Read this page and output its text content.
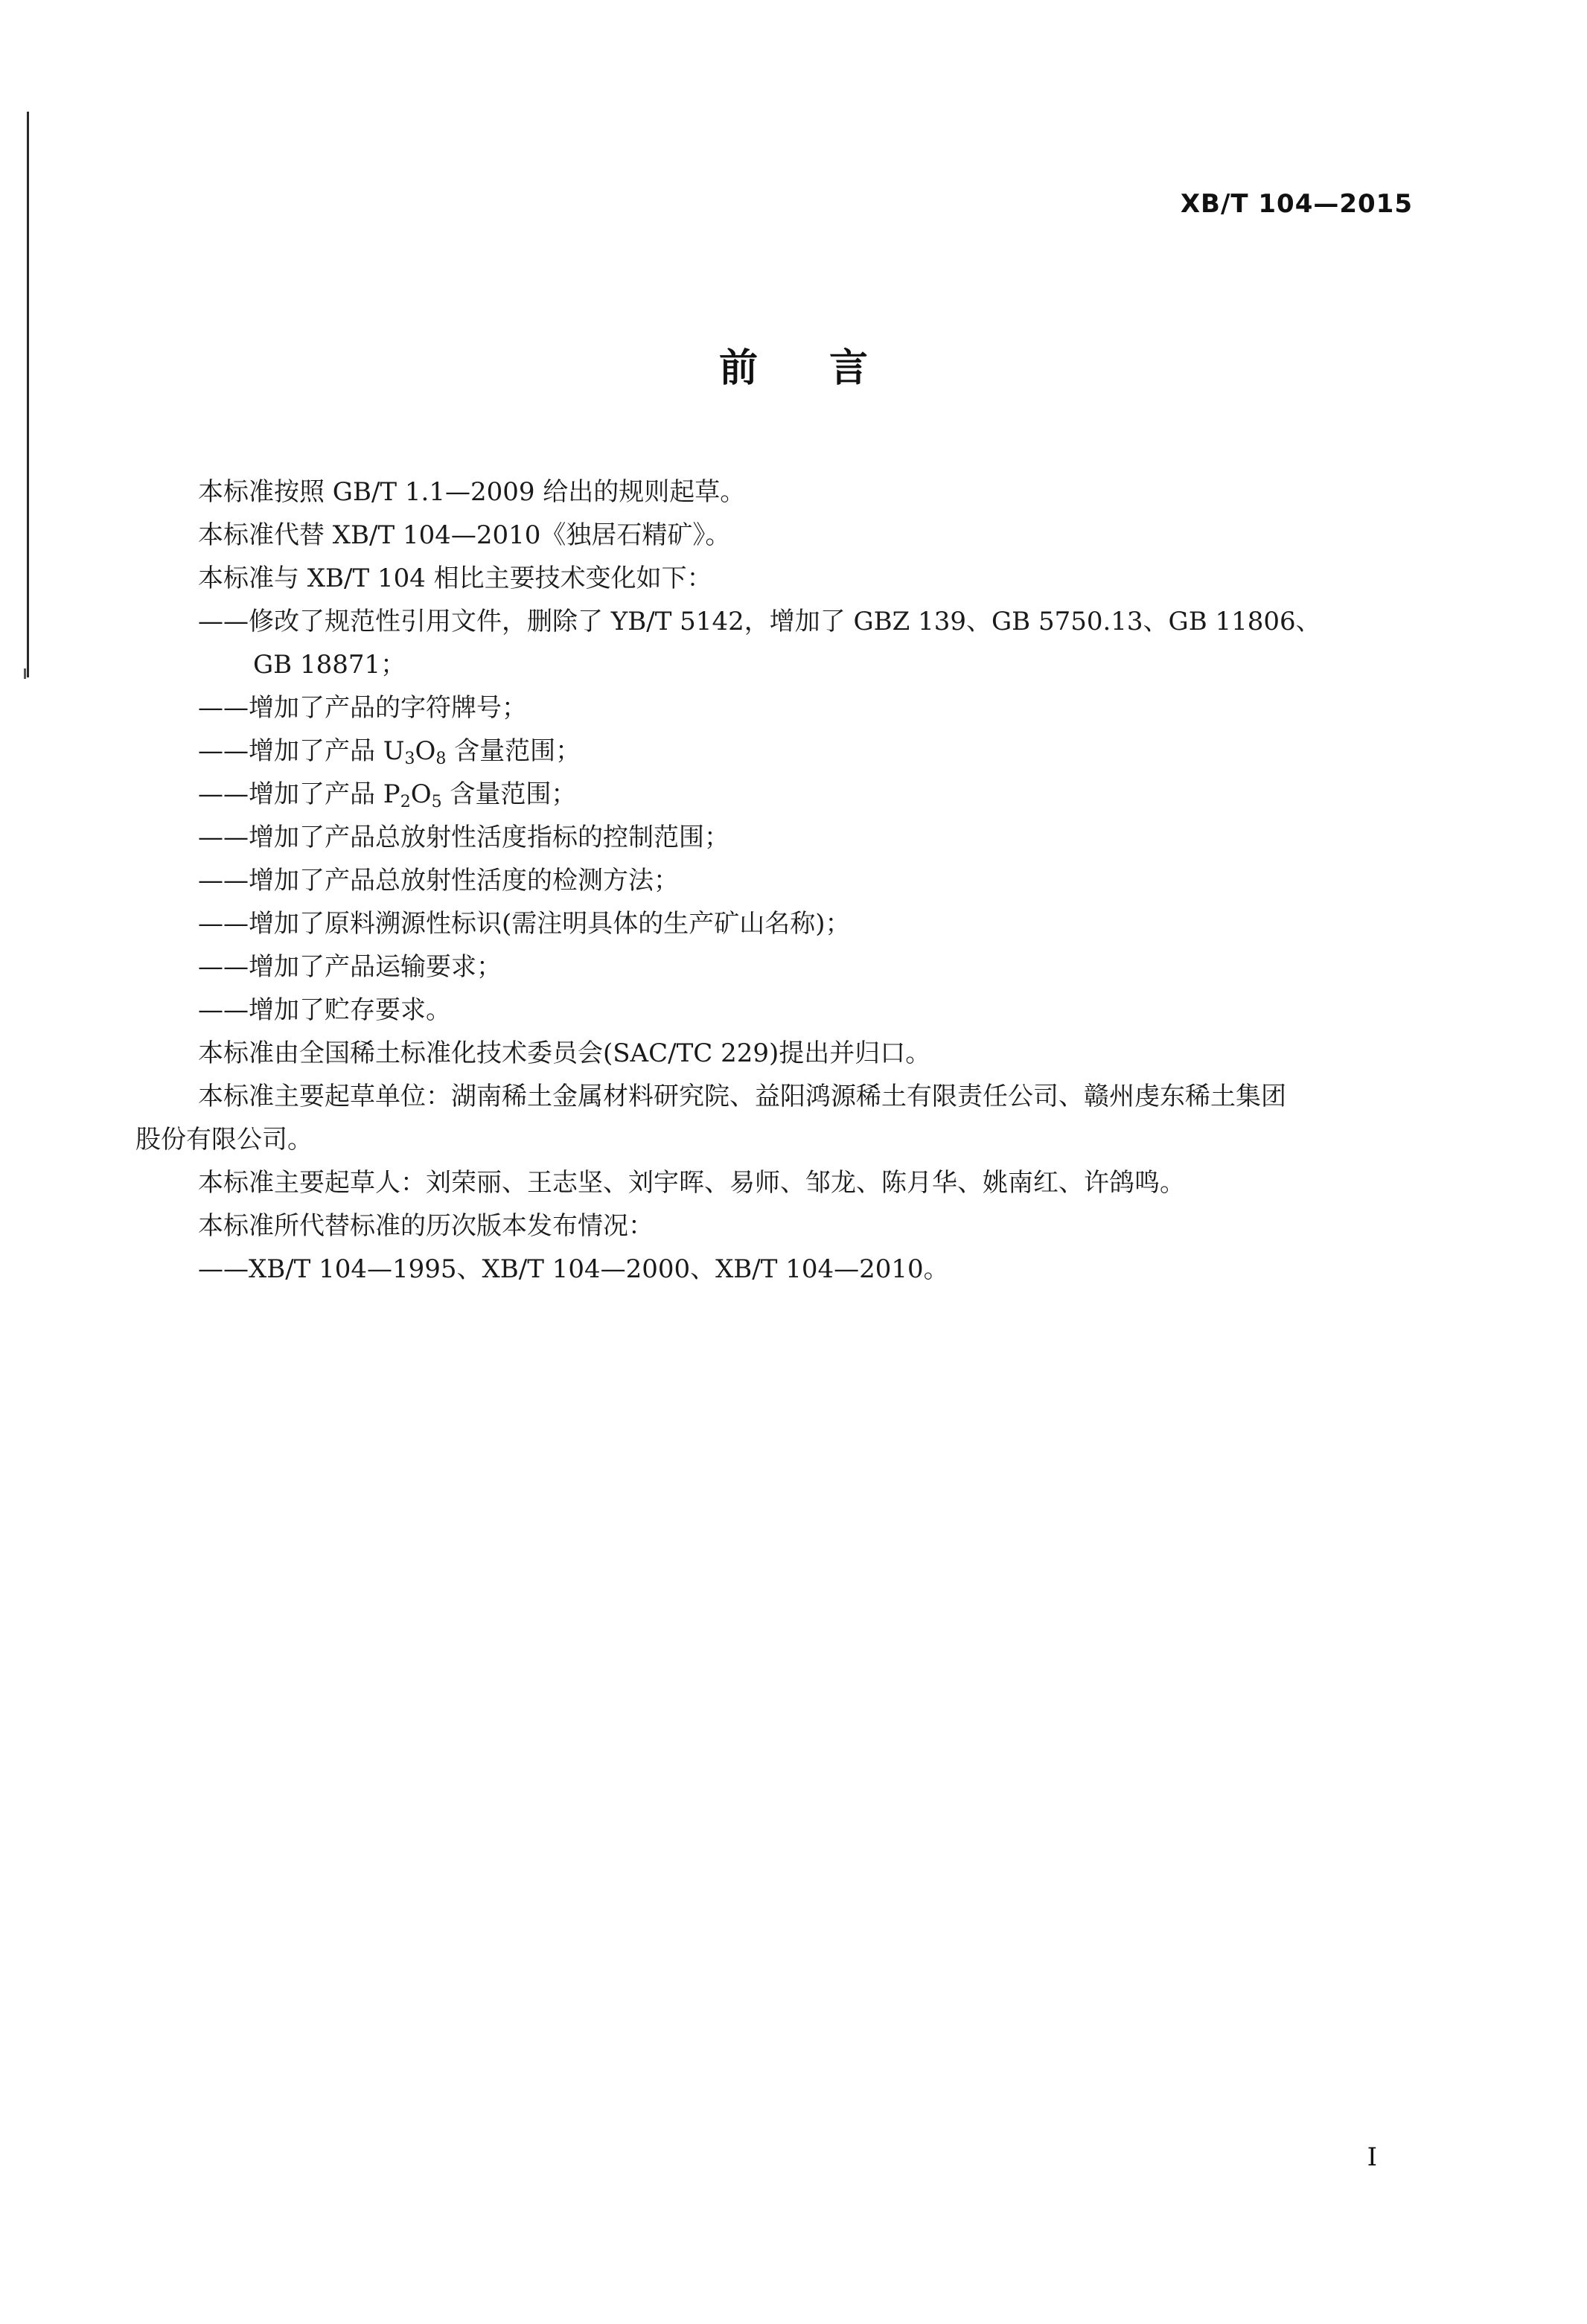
XB/T 104—2015
前言

本标准按照 GB/T 1.1—2009 给出的规则起草。

本标准代替 XB/T 104—2010《独居石精矿》。

本标准与 XB/T 104 相比主要技术变化如下：

——修改了规范性引用文件，删除了 YB/T 5142，增加了 GBZ 139、GB 5750.13、GB 11806、

GB 18871；

——增加了产品的字符牌号；

——增加了产品 $U_3O_8$ 含量范围；

——增加了产品 $P_2O_5$ 含量范围；

——增加了产品总放射性活度指标的控制范围；

——增加了产品总放射性活度的检测方法；

——增加了原料溯源性标识(需注明具体的生产矿山名称)；

——增加了产品运输要求；

——增加了贮存要求。

本标准由全国稀土标准化技术委员会(SAC/TC 229)提出并归口。

本标准主要起草单位：湖南稀土金属材料研究院、益阳鸿源稀土有限责任公司、赣州虔东稀土集团

股份有限公司。

本标准主要起草人：刘荣丽、王志坚、刘宇晖、易师、邹龙、陈月华、姚南红、许鸽鸣。

本标准所代替标准的历次版本发布情况：

——XB/T 104—1995、XB/T 104—2000、XB/T 104—2010。

I
